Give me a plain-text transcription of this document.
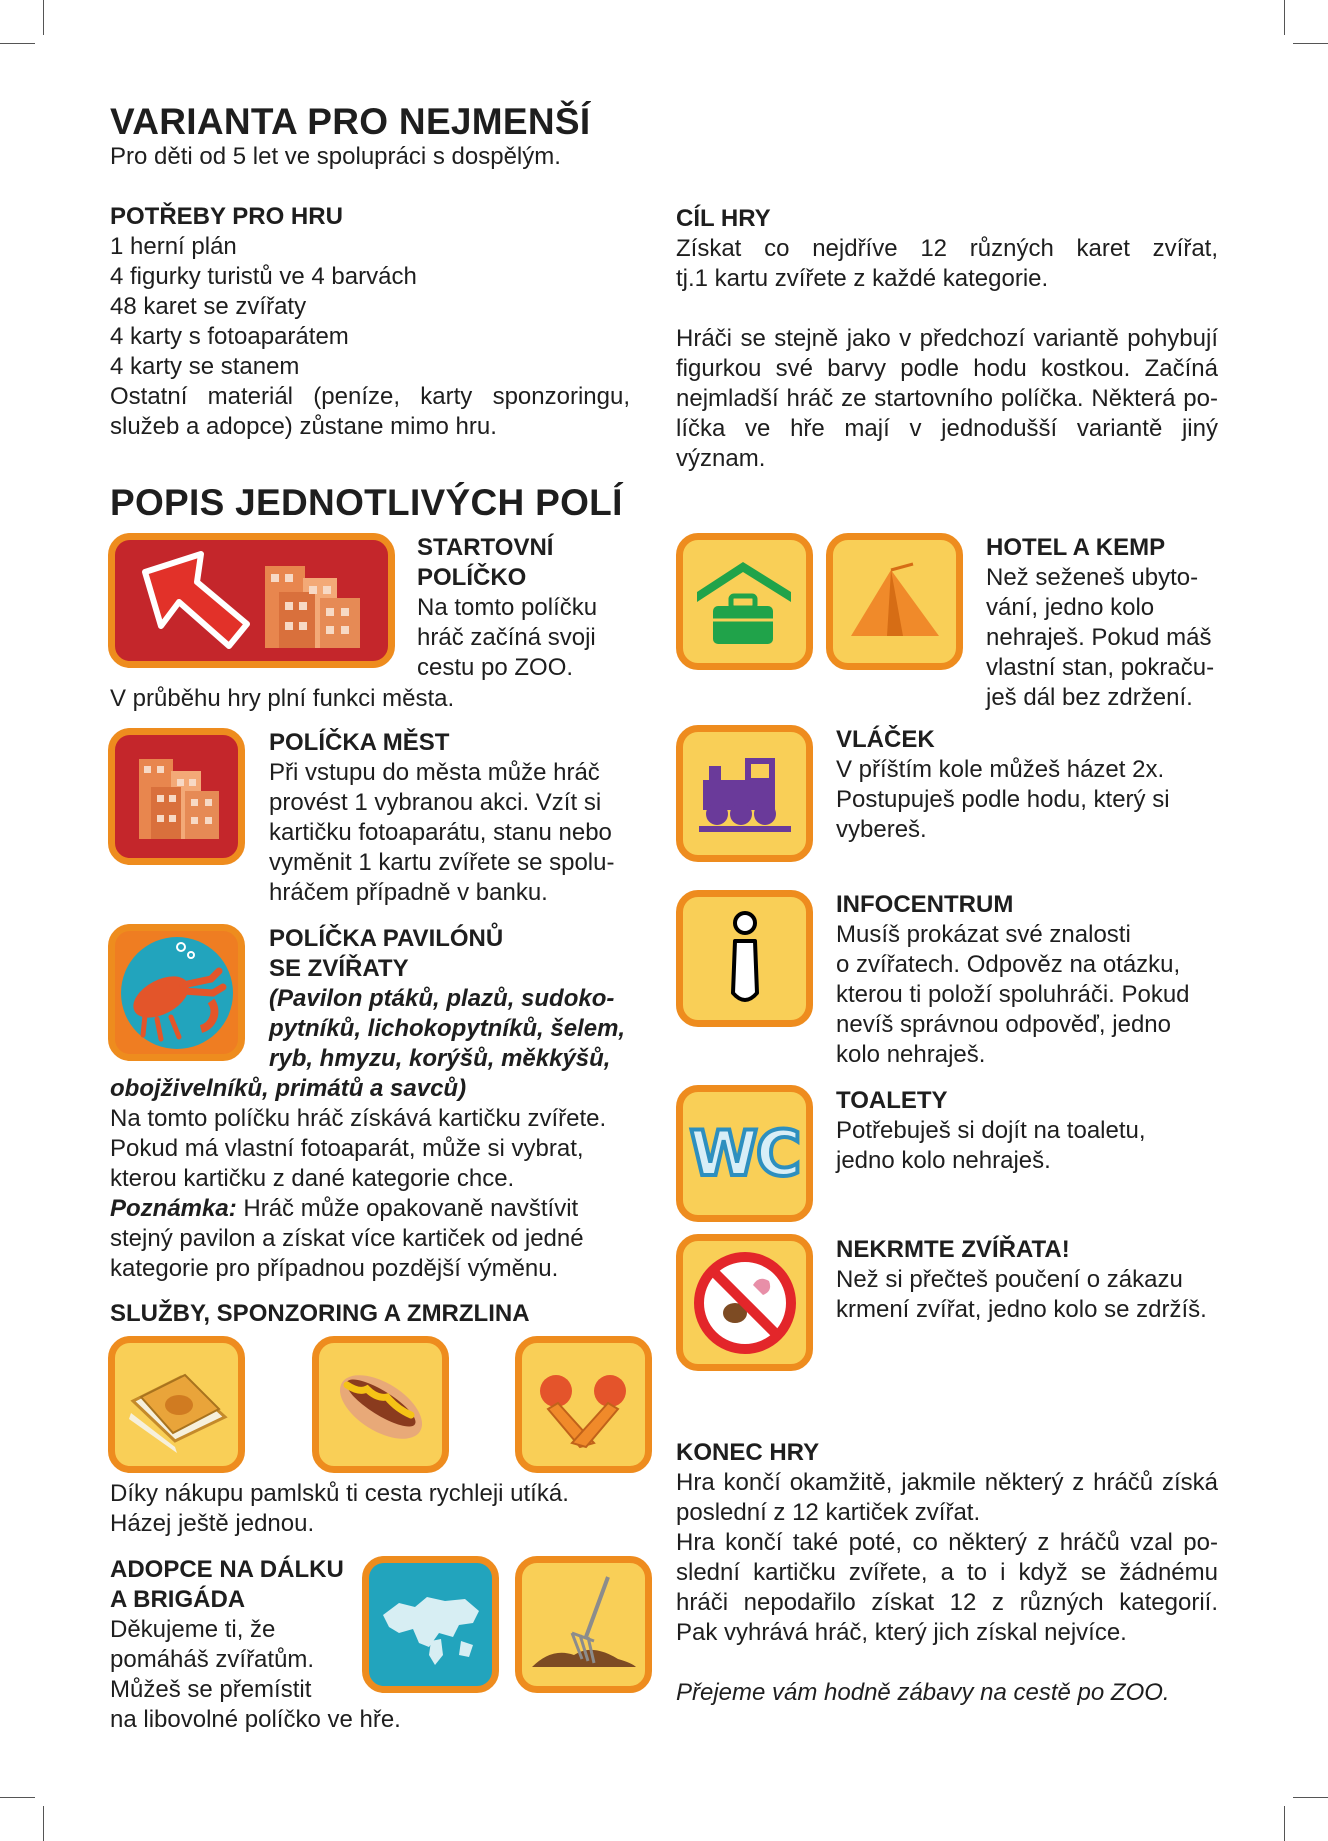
VARIANTA PRO NEJMENŠÍ
Pro děti od 5 let ve spolupráci s dospělým.
POTŘEBY PRO HRU
1 herní plán
4 figurky turistů ve 4 barvách
48 karet se zvířaty
4 karty s fotoaparátem
4 karty se stanem
Ostatní materiál (peníze, karty sponzoringu,
služeb a adopce) zůstane mimo hru.
CÍL HRY
Získat co nejdříve 12 různých karet zvířat,
tj.1 kartu zvířete z každé kategorie.
Hráči se stejně jako v předchozí variantě pohybují
figurkou své barvy podle hodu kostkou. Začíná
nejmladší hráč ze startovního políčka. Některá po-
líčka ve hře mají v jednodušší variantě jiný význam.
POPIS JEDNOTLIVÝCH POLÍ
STARTOVNÍ
POLÍČKO
Na tomto políčku
hráč začíná svoji
cestu po ZOO.
V průběhu hry plní funkci města.
POLÍČKA MĚST
Při vstupu do města může hráč
provést 1 vybranou akci. Vzít si
kartičku fotoaparátu, stanu nebo
vyměnit 1 kartu zvířete se spolu-
hráčem případně v banku.
POLÍČKA PAVILÓNŮ
SE ZVÍŘATY
(Pavilon ptáků, plazů, sudoko-
pytníků, lichokopytníků, šelem,
ryb, hmyzu, korýšů, měkkýšů,
obojživelníků, primátů a savců)
Na tomto políčku hráč získává kartičku zvířete.
Pokud má vlastní fotoaparát, může si vybrat,
kterou kartičku z dané kategorie chce.
Poznámka: Hráč může opakovaně navštívit
stejný pavilon a získat více kartiček od jedné
kategorie pro případnou pozdější výměnu.
SLUŽBY, SPONZORING A ZMRZLINA
Díky nákupu pamlsků ti cesta rychleji utíká.
Házej ještě jednou.
ADOPCE NA DÁLKU
A BRIGÁDA
Děkujeme ti, že
pomáháš zvířatům.
Můžeš se přemístit
na libovolné políčko ve hře.
HOTEL A KEMP
Než seženeš ubyto-
vání, jedno kolo
nehraješ. Pokud máš
vlastní stan, pokraču-
ješ dál bez zdržení.
VLÁČEK
V příštím kole můžeš házet 2x.
Postupuješ podle hodu, který si
vybereš.
INFOCENTRUM
Musíš prokázat své znalosti
o zvířatech. Odpověz na otázku,
kterou ti položí spoluhráči. Pokud
nevíš správnou odpověď, jedno
kolo nehraješ.
WC
TOALETY
Potřebuješ si dojít na toaletu,
jedno kolo nehraješ.
NEKRMTE ZVÍŘATA!
Než si přečteš poučení o zákazu
krmení zvířat, jedno kolo se zdržíš.
KONEC HRY
Hra končí okamžitě, jakmile některý z hráčů získá
poslední z 12 kartiček zvířat.
Hra končí také poté, co některý z hráčů vzal po-
slední kartičku zvířete, a to i když se žádnému
hráči nepodařilo získat 12 z různých kategorií.
Pak vyhrává hráč, který jich získal nejvíce.
Přejeme vám hodně zábavy na cestě po ZOO.
